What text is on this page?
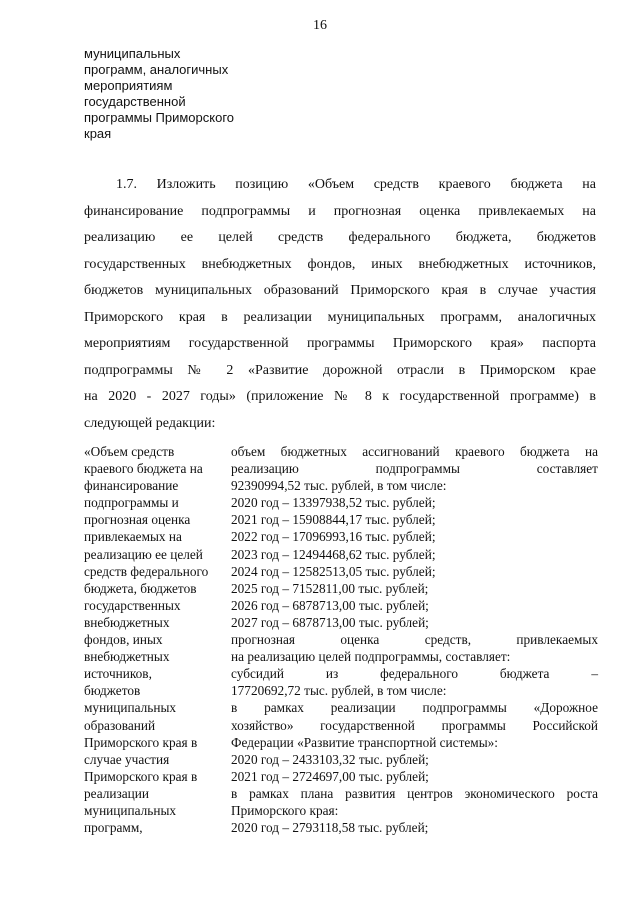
16
муниципальных
программ, аналогичных
мероприятиям
государственной
программы Приморского
края
1.7. Изложить позицию «Объем средств краевого бюджета на
финансирование подпрограммы и прогнозная оценка привлекаемых на
реализацию ее целей средств федерального бюджета, бюджетов
государственных внебюджетных фондов, иных внебюджетных источников,
бюджетов муниципальных образований Приморского края в случае участия
Приморского края в реализации муниципальных программ, аналогичных
мероприятиям государственной программы Приморского края» паспорта
подпрограммы № 2 «Развитие дорожной отрасли в Приморском крае
на 2020 - 2027 годы» (приложение № 8 к государственной программе) в
следующей редакции:
«Объем средств
краевого бюджета на
финансирование
подпрограммы и
прогнозная оценка
привлекаемых на
реализацию ее целей
средств федерального
бюджета, бюджетов
государственных
внебюджетных
фондов, иных
внебюджетных
источников,
бюджетов
муниципальных
образований
Приморского края в
случае участия
Приморского края в
реализации
муниципальных
программ,
объем бюджетных ассигнований краевого бюджета на
реализацию подпрограммы составляет
92390994,52 тыс. рублей, в том числе:
2020 год – 13397938,52 тыс. рублей;
2021 год – 15908844,17 тыс. рублей;
2022 год – 17096993,16 тыс. рублей;
2023 год – 12494468,62 тыс. рублей;
2024 год – 12582513,05 тыс. рублей;
2025 год – 7152811,00 тыс. рублей;
2026 год – 6878713,00 тыс. рублей;
2027 год – 6878713,00 тыс. рублей;
прогнозная оценка средств, привлекаемых
на реализацию целей подпрограммы, составляет:
субсидий из федерального бюджета –
17720692,72 тыс. рублей, в том числе:
в рамках реализации подпрограммы «Дорожное
хозяйство» государственной программы Российской
Федерации «Развитие транспортной системы»:
2020 год – 2433103,32 тыс. рублей;
2021 год – 2724697,00 тыс. рублей;
в рамках плана развития центров экономического роста
Приморского края:
2020 год – 2793118,58 тыс. рублей;
